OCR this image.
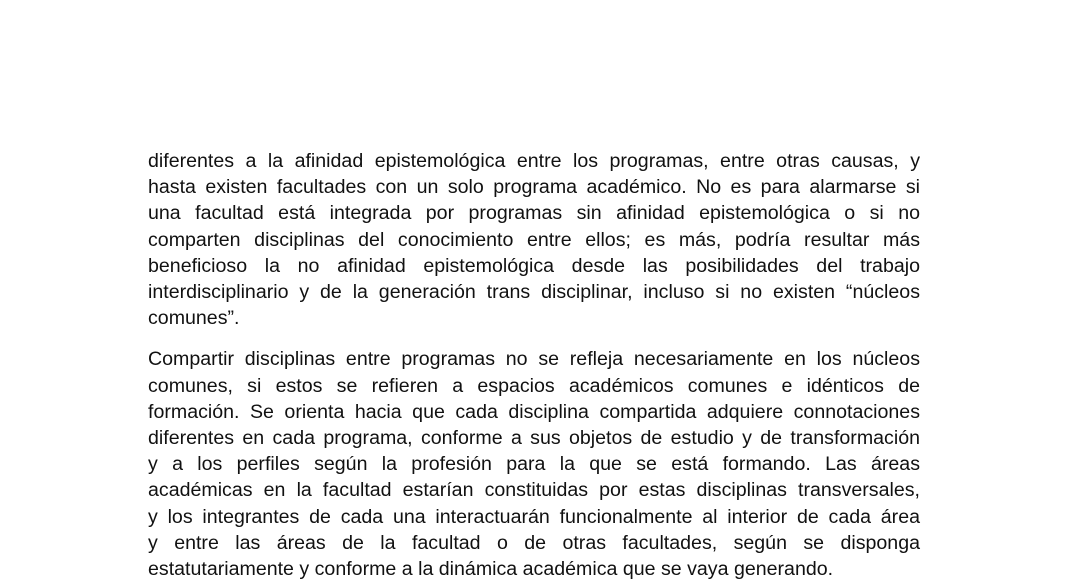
diferentes a la afinidad epistemológica entre los programas, entre otras causas, y
hasta existen facultades con un solo programa académico. No es para alarmarse si
una facultad está integrada por programas sin afinidad epistemológica o si no
comparten disciplinas del conocimiento entre ellos; es más, podría resultar más
beneficioso la no afinidad epistemológica desde las posibilidades del trabajo
interdisciplinario y de la generación trans disciplinar, incluso si no existen “núcleos
comunes”.

Compartir disciplinas entre programas no se refleja necesariamente en los núcleos
comunes, si estos se refieren a espacios académicos comunes e idénticos de
formación. Se orienta hacia que cada disciplina compartida adquiere connotaciones
diferentes en cada programa, conforme a sus objetos de estudio y de transformación
y a los perfiles según la profesión para la que se está formando. Las áreas
académicas en la facultad estarían constituidas por estas disciplinas transversales,
y los integrantes de cada una interactuarán funcionalmente al interior de cada área
y entre las áreas de la facultad o de otras facultades, según se disponga
estatutariamente y conforme a la dinámica académica que se vaya generando.
